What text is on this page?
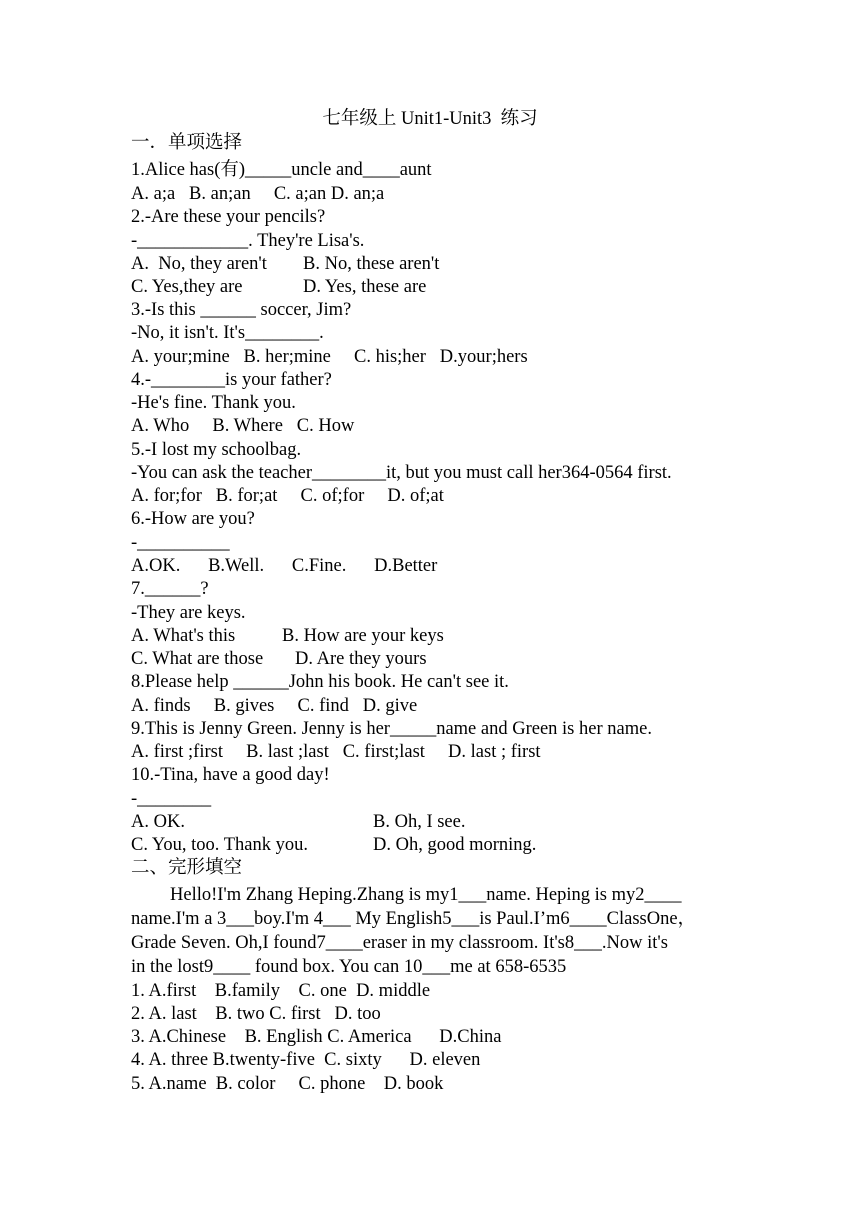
七年级上 Unit1-Unit3  练习
一．单项选择
1.Alice has(有)_____uncle and____aunt
A. a;a   B. an;an     C. a;an D. an;a
2.-Are these your pencils?
-____________. They're Lisa's.
A.  No, they aren't B. No, these aren't
C. Yes,they are	D. Yes, these are
3.-Is this ______ soccer, Jim?
-No, it isn't. It's________.
A. your;mine   B. her;mine     C. his;her   D.your;hers
4.-________is your father?
-He's fine. Thank you.
A. Who     B. Where   C. How
5.-I lost my schoolbag.
-You can ask the teacher________it, but you must call her364-0564 first.
A. for;for   B. for;at     C. of;for     D. of;at
6.-How are you?
-__________
A.OK.      B.Well.      C.Fine.      D.Better
7.______?
-They are keys.
A. What's this	B. How are your keys
C. What are those D. Are they yours
8.Please help ______John his book. He can't see it.
A. finds     B. gives     C. find   D. give
9.This is Jenny Green. Jenny is her_____name and Green is her name.
A. first ;first     B. last ;last   C. first;last     D. last ; first
10.-Tina, have a good day!
-________
A. OK.	B. Oh, I see.
C. You, too. Thank you.	D. Oh, good morning.
二、完形填空
Hello!I'm Zhang Heping.Zhang is my1___name. Heping is my2____
name.I'm a 3___boy.I'm 4___ My English5___is Paul.I’m6____ClassOne，
Grade Seven. Oh,I found7____eraser in my classroom. It's8___.Now it's
in the lost9____ found box. You can 10___me at 658-6535
1. A.first    B.family    C. one  D. middle
2. A. last    B. two C. first   D. too
3. A.Chinese    B. English C. America      D.China
4. A. three B.twenty-five  C. sixty      D. eleven
5. A.name  B. color     C. phone    D. book
